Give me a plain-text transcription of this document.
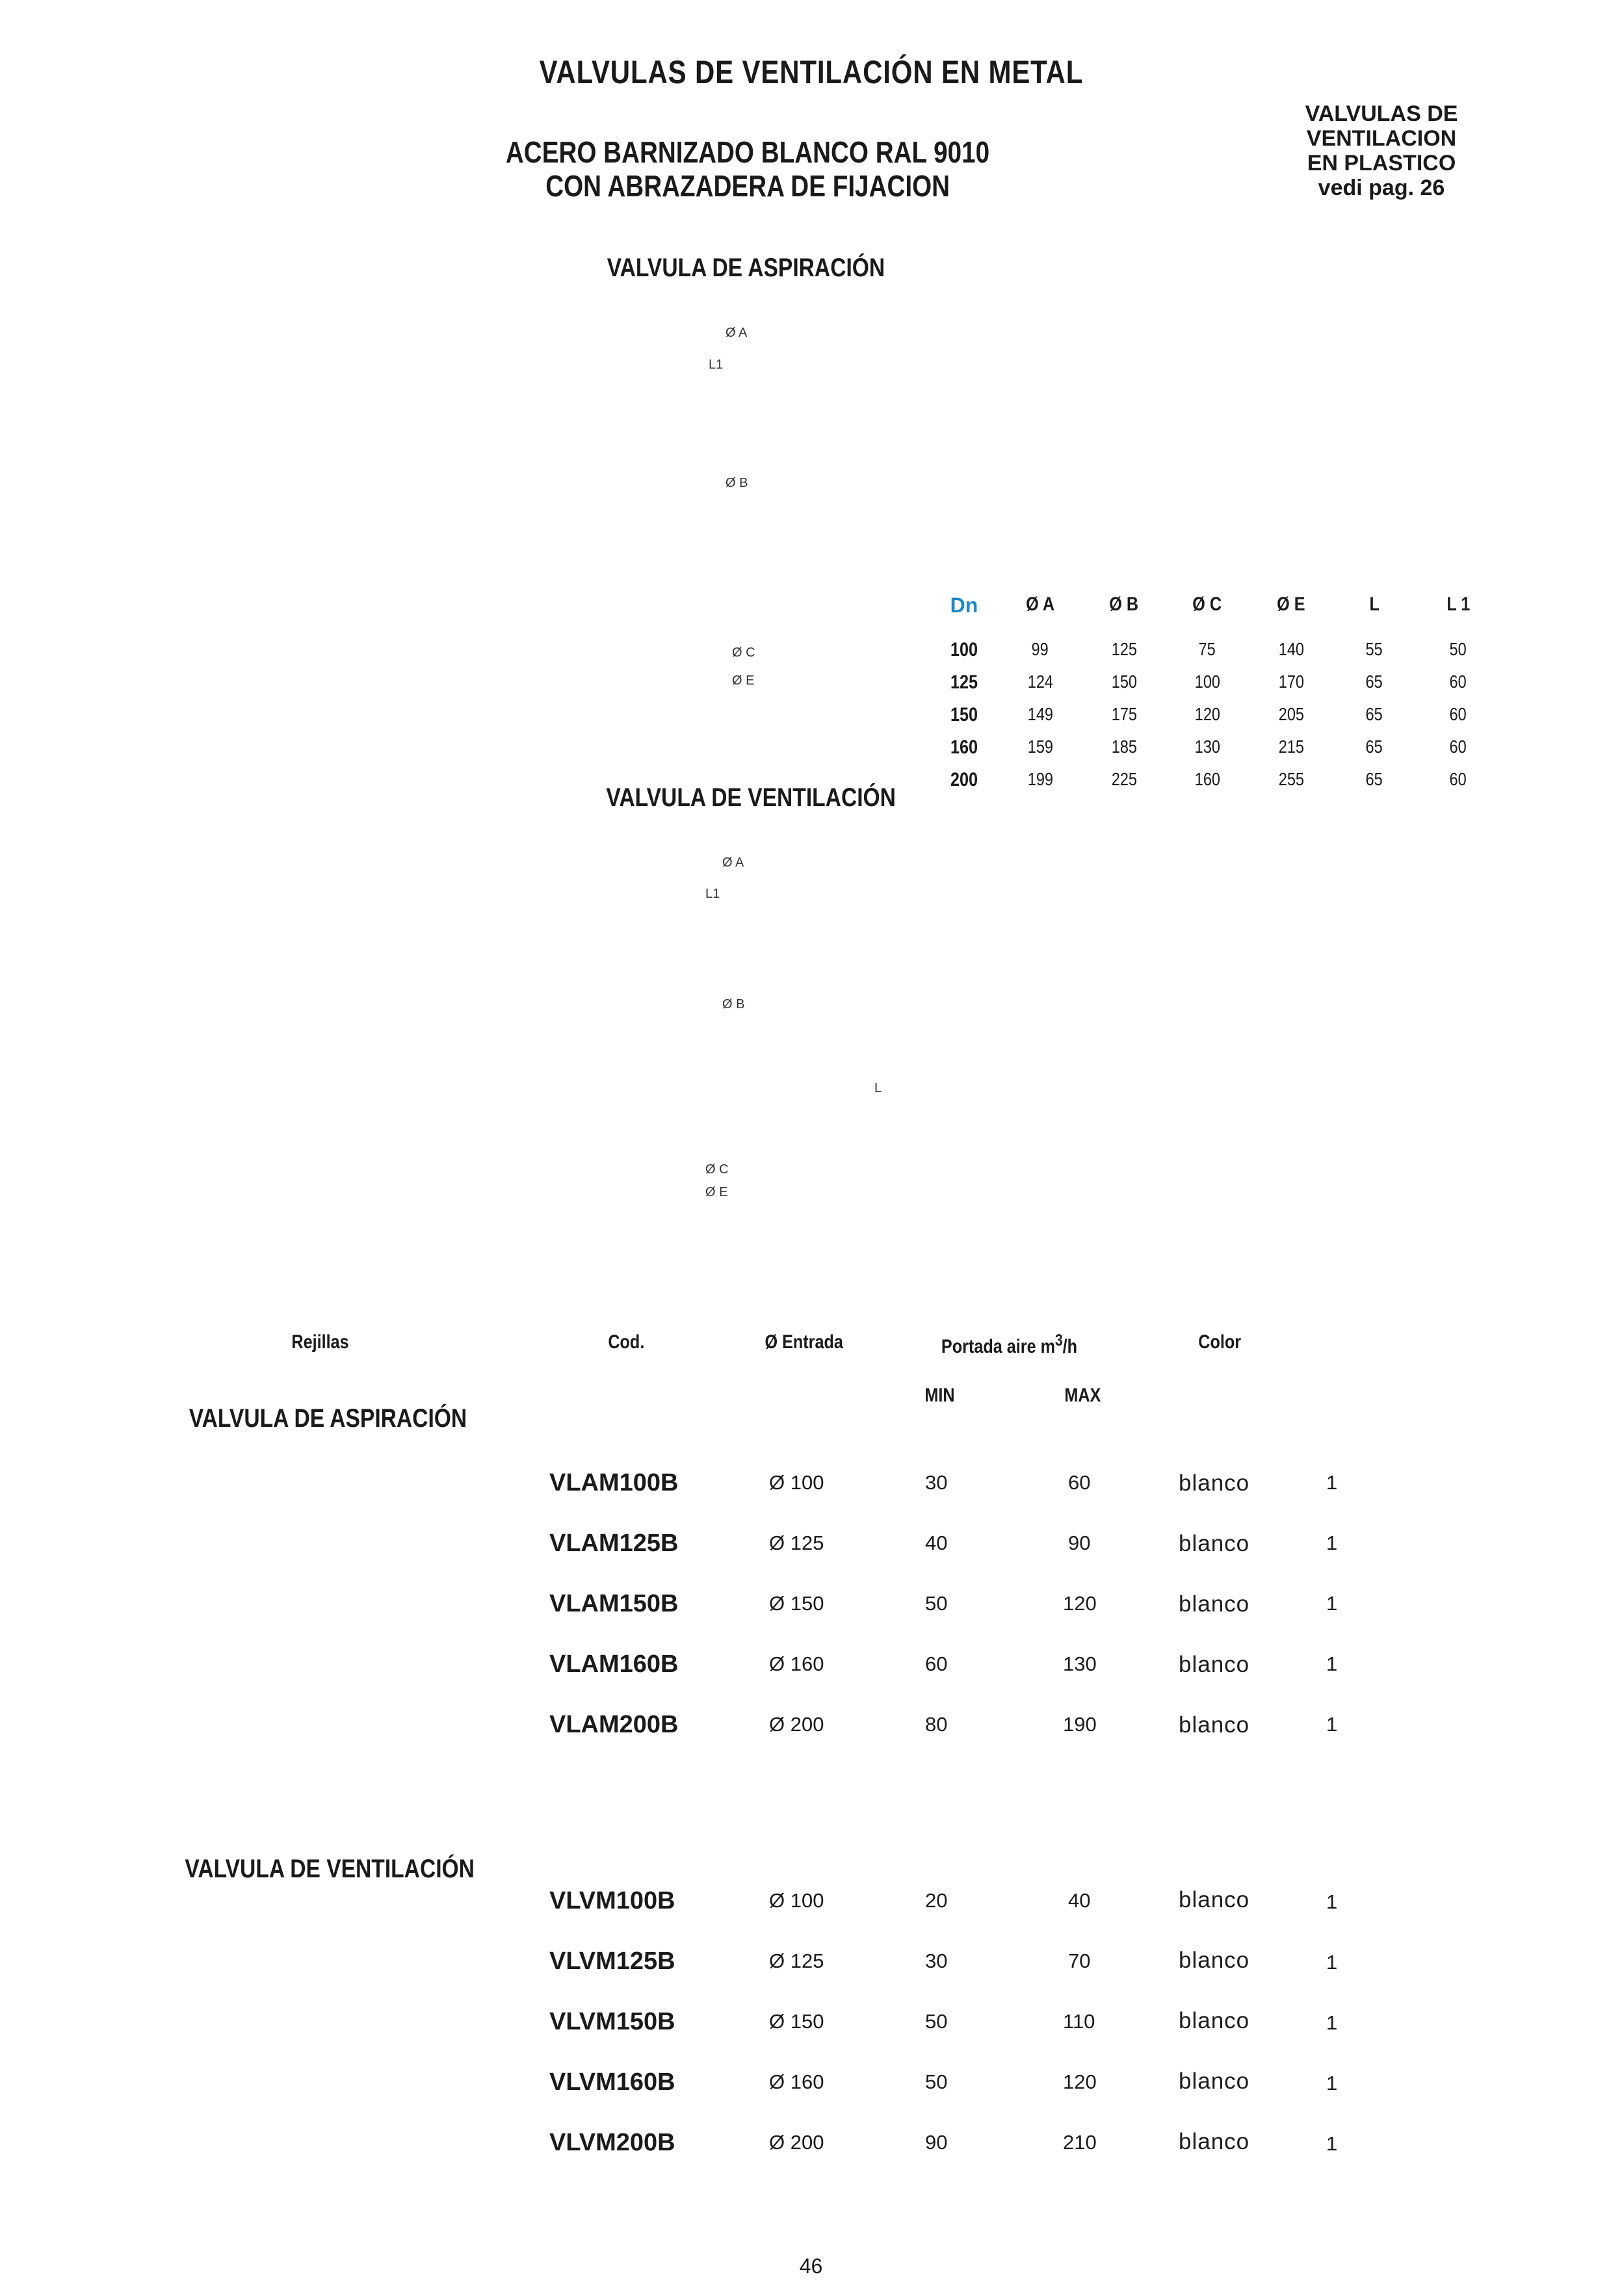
VALVULAS DE VENTILACIÓN EN METAL
ACERO BARNIZADO BLANCO RAL 9010
CON ABRAZADERA DE FIJACION
VALVULAS DE
VENTILACION
EN PLASTICO
vedi pag. 26
VALVULA DE ASPIRACIÓN
Ø A
L1
Ø B
Ø C
Ø E
VALVULA DE VENTILACIÓN
Ø A
L1
Ø B
L
Ø C
Ø E
Dn	Ø A	Ø B	Ø C	Ø E	L	L 1
100	99	125	75	140	55	50
125	124	150	100	170	65	60
150	149	175	120	205	65	60
160	159	185	130	215	65	60
200	199	225	160	255	65	60
Rejillas	Cod.	Ø Entrada	Portada aire $m^3/h$	Color
MIN	MAX
VALVULA DE ASPIRACIÓN
VLAM100B	Ø 100	30	60	blanco	1
VLAM125B	Ø 125	40	90	blanco	1
VLAM150B	Ø 150	50	120	blanco	1
VLAM160B	Ø 160	60	130	blanco	1
VLAM200B	Ø 200	80	190	blanco	1
VALVULA DE VENTILACIÓN
VLVM100B	Ø 100	20	40	blanco	1
VLVM125B	Ø 125	30	70	blanco	1
VLVM150B	Ø 150	50	110	blanco	1
VLVM160B	Ø 160	50	120	blanco	1
VLVM200B	Ø 200	90	210	blanco	1
46
